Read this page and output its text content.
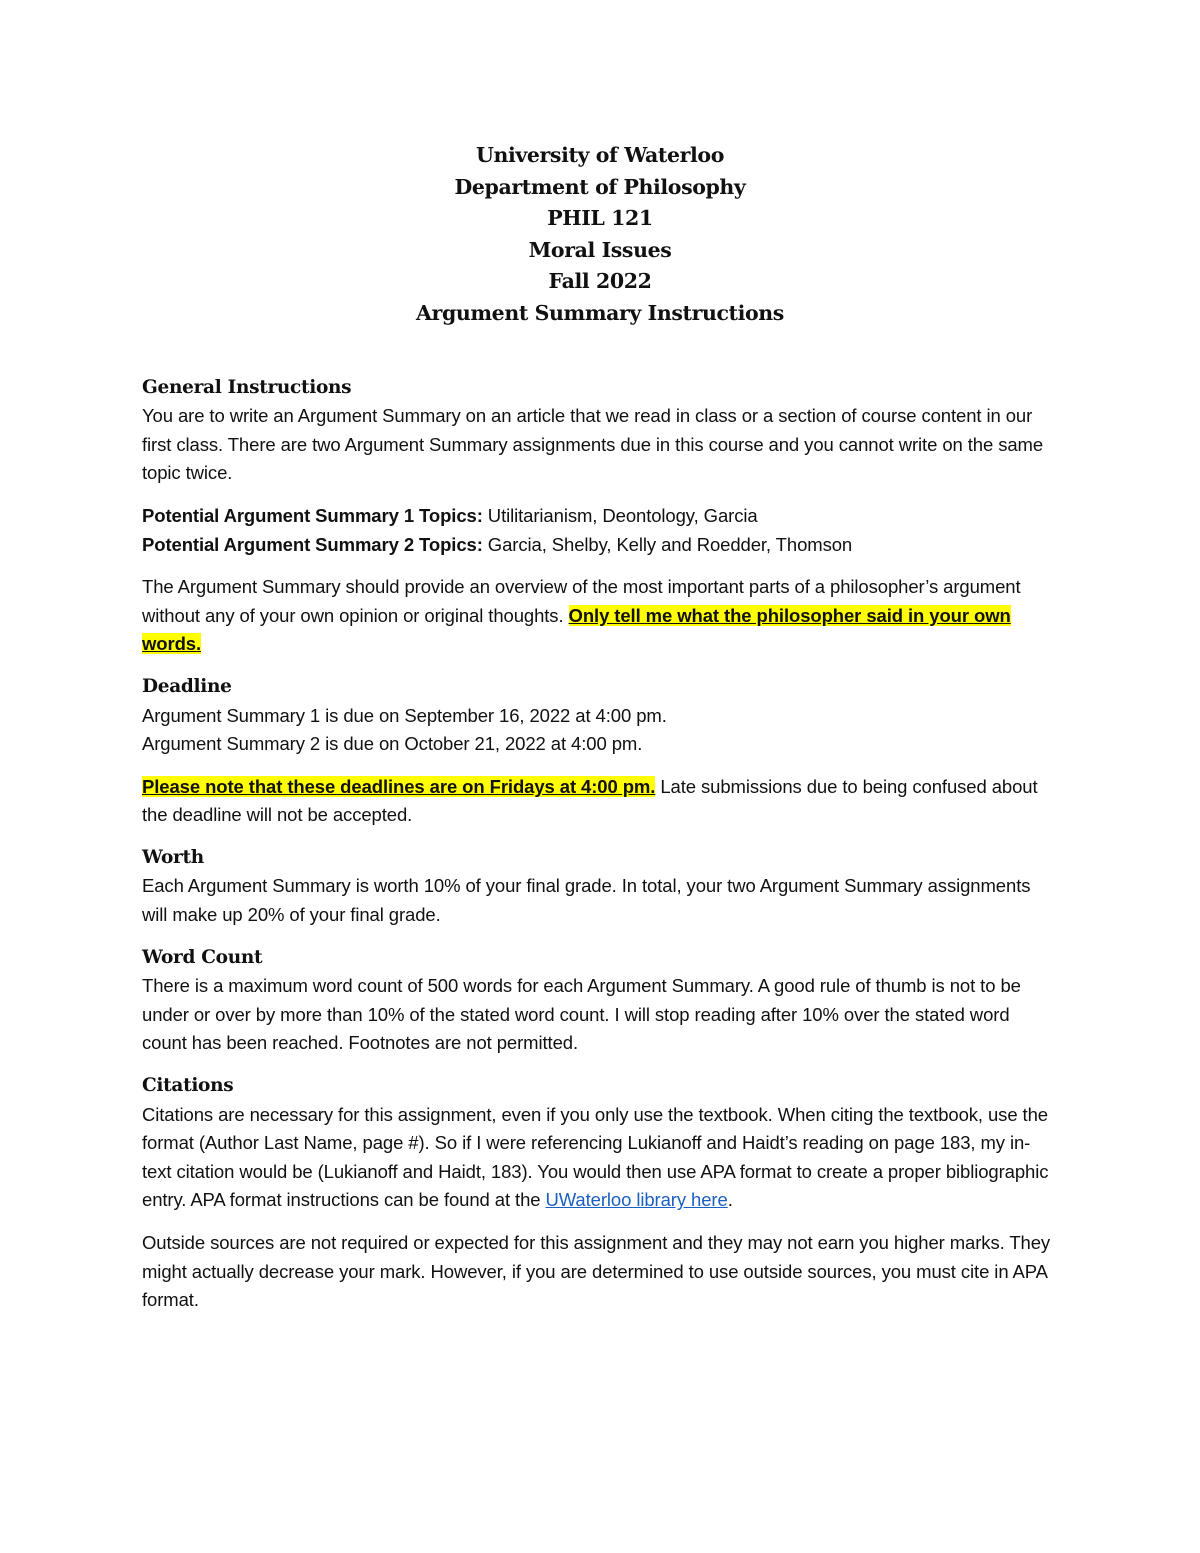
University of Waterloo
Department of Philosophy
PHIL 121
Moral Issues
Fall 2022
Argument Summary Instructions
General Instructions

You are to write an Argument Summary on an article that we read in class or a section of course content in our first class. There are two Argument Summary assignments due in this course and you cannot write on the same topic twice.

Potential Argument Summary 1 Topics: Utilitarianism, Deontology, Garcia
Potential Argument Summary 2 Topics: Garcia, Shelby, Kelly and Roedder, Thomson

The Argument Summary should provide an overview of the most important parts of a philosopher’s argument without any of your own opinion or original thoughts. Only tell me what the philosopher said in your own words.

Deadline
Argument Summary 1 is due on September 16, 2022 at 4:00 pm.
Argument Summary 2 is due on October 21, 2022 at 4:00 pm.

Please note that these deadlines are on Fridays at 4:00 pm. Late submissions due to being confused about the deadline will not be accepted.

Worth

Each Argument Summary is worth 10% of your final grade. In total, your two Argument Summary assignments will make up 20% of your final grade.

Word Count

There is a maximum word count of 500 words for each Argument Summary. A good rule of thumb is not to be under or over by more than 10% of the stated word count. I will stop reading after 10% over the stated word count has been reached. Footnotes are not permitted.

Citations

Citations are necessary for this assignment, even if you only use the textbook. When citing the textbook, use the format (Author Last Name, page #). So if I were referencing Lukianoff and Haidt’s reading on page 183, my in-text citation would be (Lukianoff and Haidt, 183). You would then use APA format to create a proper bibliographic entry. APA format instructions can be found at the UWaterloo library here.

Outside sources are not required or expected for this assignment and they may not earn you higher marks. They might actually decrease your mark. However, if you are determined to use outside sources, you must cite in APA format.
